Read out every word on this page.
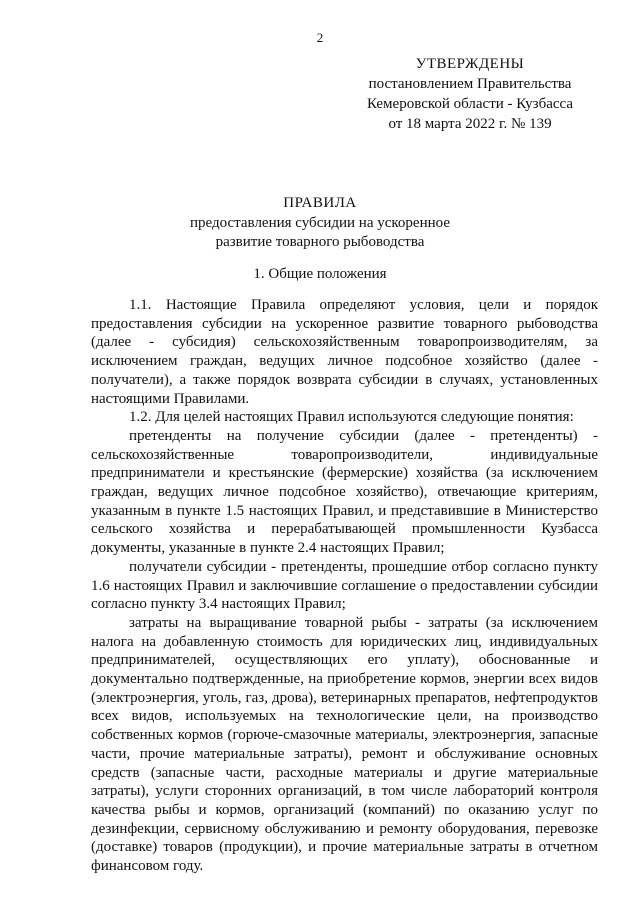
2
УТВЕРЖДЕНЫ
постановлением Правительства
Кемеровской области - Кузбасса
от 18 марта 2022 г. № 139
ПРАВИЛА
предоставления субсидии на ускоренное
развитие товарного рыбоводства
1. Общие положения

1.1. Настоящие Правила определяют условия, цели и порядок предоставления субсидии на ускоренное развитие товарного рыбоводства (далее - субсидия) сельскохозяйственным товаропроизводителям, за исключением граждан, ведущих личное подсобное хозяйство (далее - получатели), а также порядок возврата субсидии в случаях, установленных настоящими Правилами.

1.2. Для целей настоящих Правил используются следующие понятия:

претенденты на получение субсидии (далее - претенденты) - сельскохозяйственные товаропроизводители, индивидуальные предприниматели и крестьянские (фермерские) хозяйства (за исключением граждан, ведущих личное подсобное хозяйство), отвечающие критериям, указанным в пункте 1.5 настоящих Правил, и представившие в Министерство сельского хозяйства и перерабатывающей промышленности Кузбасса документы, указанные в пункте 2.4 настоящих Правил;

получатели субсидии - претенденты, прошедшие отбор согласно пункту 1.6 настоящих Правил и заключившие соглашение о предоставлении субсидии согласно пункту 3.4 настоящих Правил;

затраты на выращивание товарной рыбы - затраты (за исключением налога на добавленную стоимость для юридических лиц, индивидуальных предпринимателей, осуществляющих его уплату), обоснованные и документально подтвержденные, на приобретение кормов, энергии всех видов (электроэнергия, уголь, газ, дрова), ветеринарных препаратов, нефтепродуктов всех видов, используемых на технологические цели, на производство собственных кормов (горюче-смазочные материалы, электроэнергия, запасные части, прочие материальные затраты), ремонт и обслуживание основных средств (запасные части, расходные материалы и другие материальные затраты), услуги сторонних организаций, в том числе лабораторий контроля качества рыбы и кормов, организаций (компаний) по оказанию услуг по дезинфекции, сервисному обслуживанию и ремонту оборудования, перевозке (доставке) товаров (продукции), и прочие материальные затраты в отчетном финансовом году.
